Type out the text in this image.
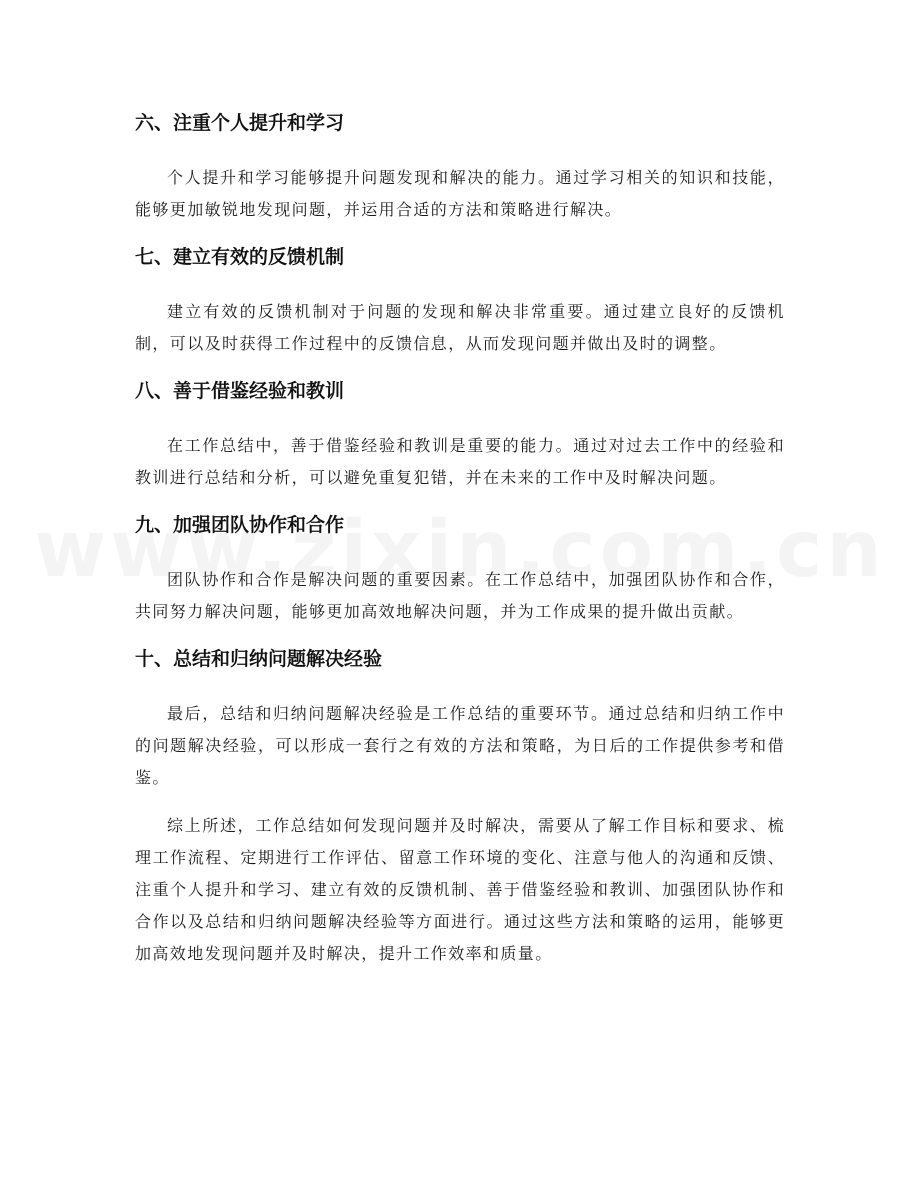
六、注重个人提升和学习

个人提升和学习能够提升问题发现和解决的能力。通过学习相关的知识和技能，能够更加敏锐地发现问题，并运用合适的方法和策略进行解决。

七、建立有效的反馈机制

建立有效的反馈机制对于问题的发现和解决非常重要。通过建立良好的反馈机制，可以及时获得工作过程中的反馈信息，从而发现问题并做出及时的调整。

八、善于借鉴经验和教训

在工作总结中，善于借鉴经验和教训是重要的能力。通过对过去工作中的经验和教训进行总结和分析，可以避免重复犯错，并在未来的工作中及时解决问题。

九、加强团队协作和合作

团队协作和合作是解决问题的重要因素。在工作总结中，加强团队协作和合作，共同努力解决问题，能够更加高效地解决问题，并为工作成果的提升做出贡献。

十、总结和归纳问题解决经验

最后，总结和归纳问题解决经验是工作总结的重要环节。通过总结和归纳工作中的问题解决经验，可以形成一套行之有效的方法和策略，为日后的工作提供参考和借鉴。

综上所述，工作总结如何发现问题并及时解决，需要从了解工作目标和要求、梳理工作流程、定期进行工作评估、留意工作环境的变化、注意与他人的沟通和反馈、注重个人提升和学习、建立有效的反馈机制、善于借鉴经验和教训、加强团队协作和合作以及总结和归纳问题解决经验等方面进行。通过这些方法和策略的运用，能够更加高效地发现问题并及时解决，提升工作效率和质量。
